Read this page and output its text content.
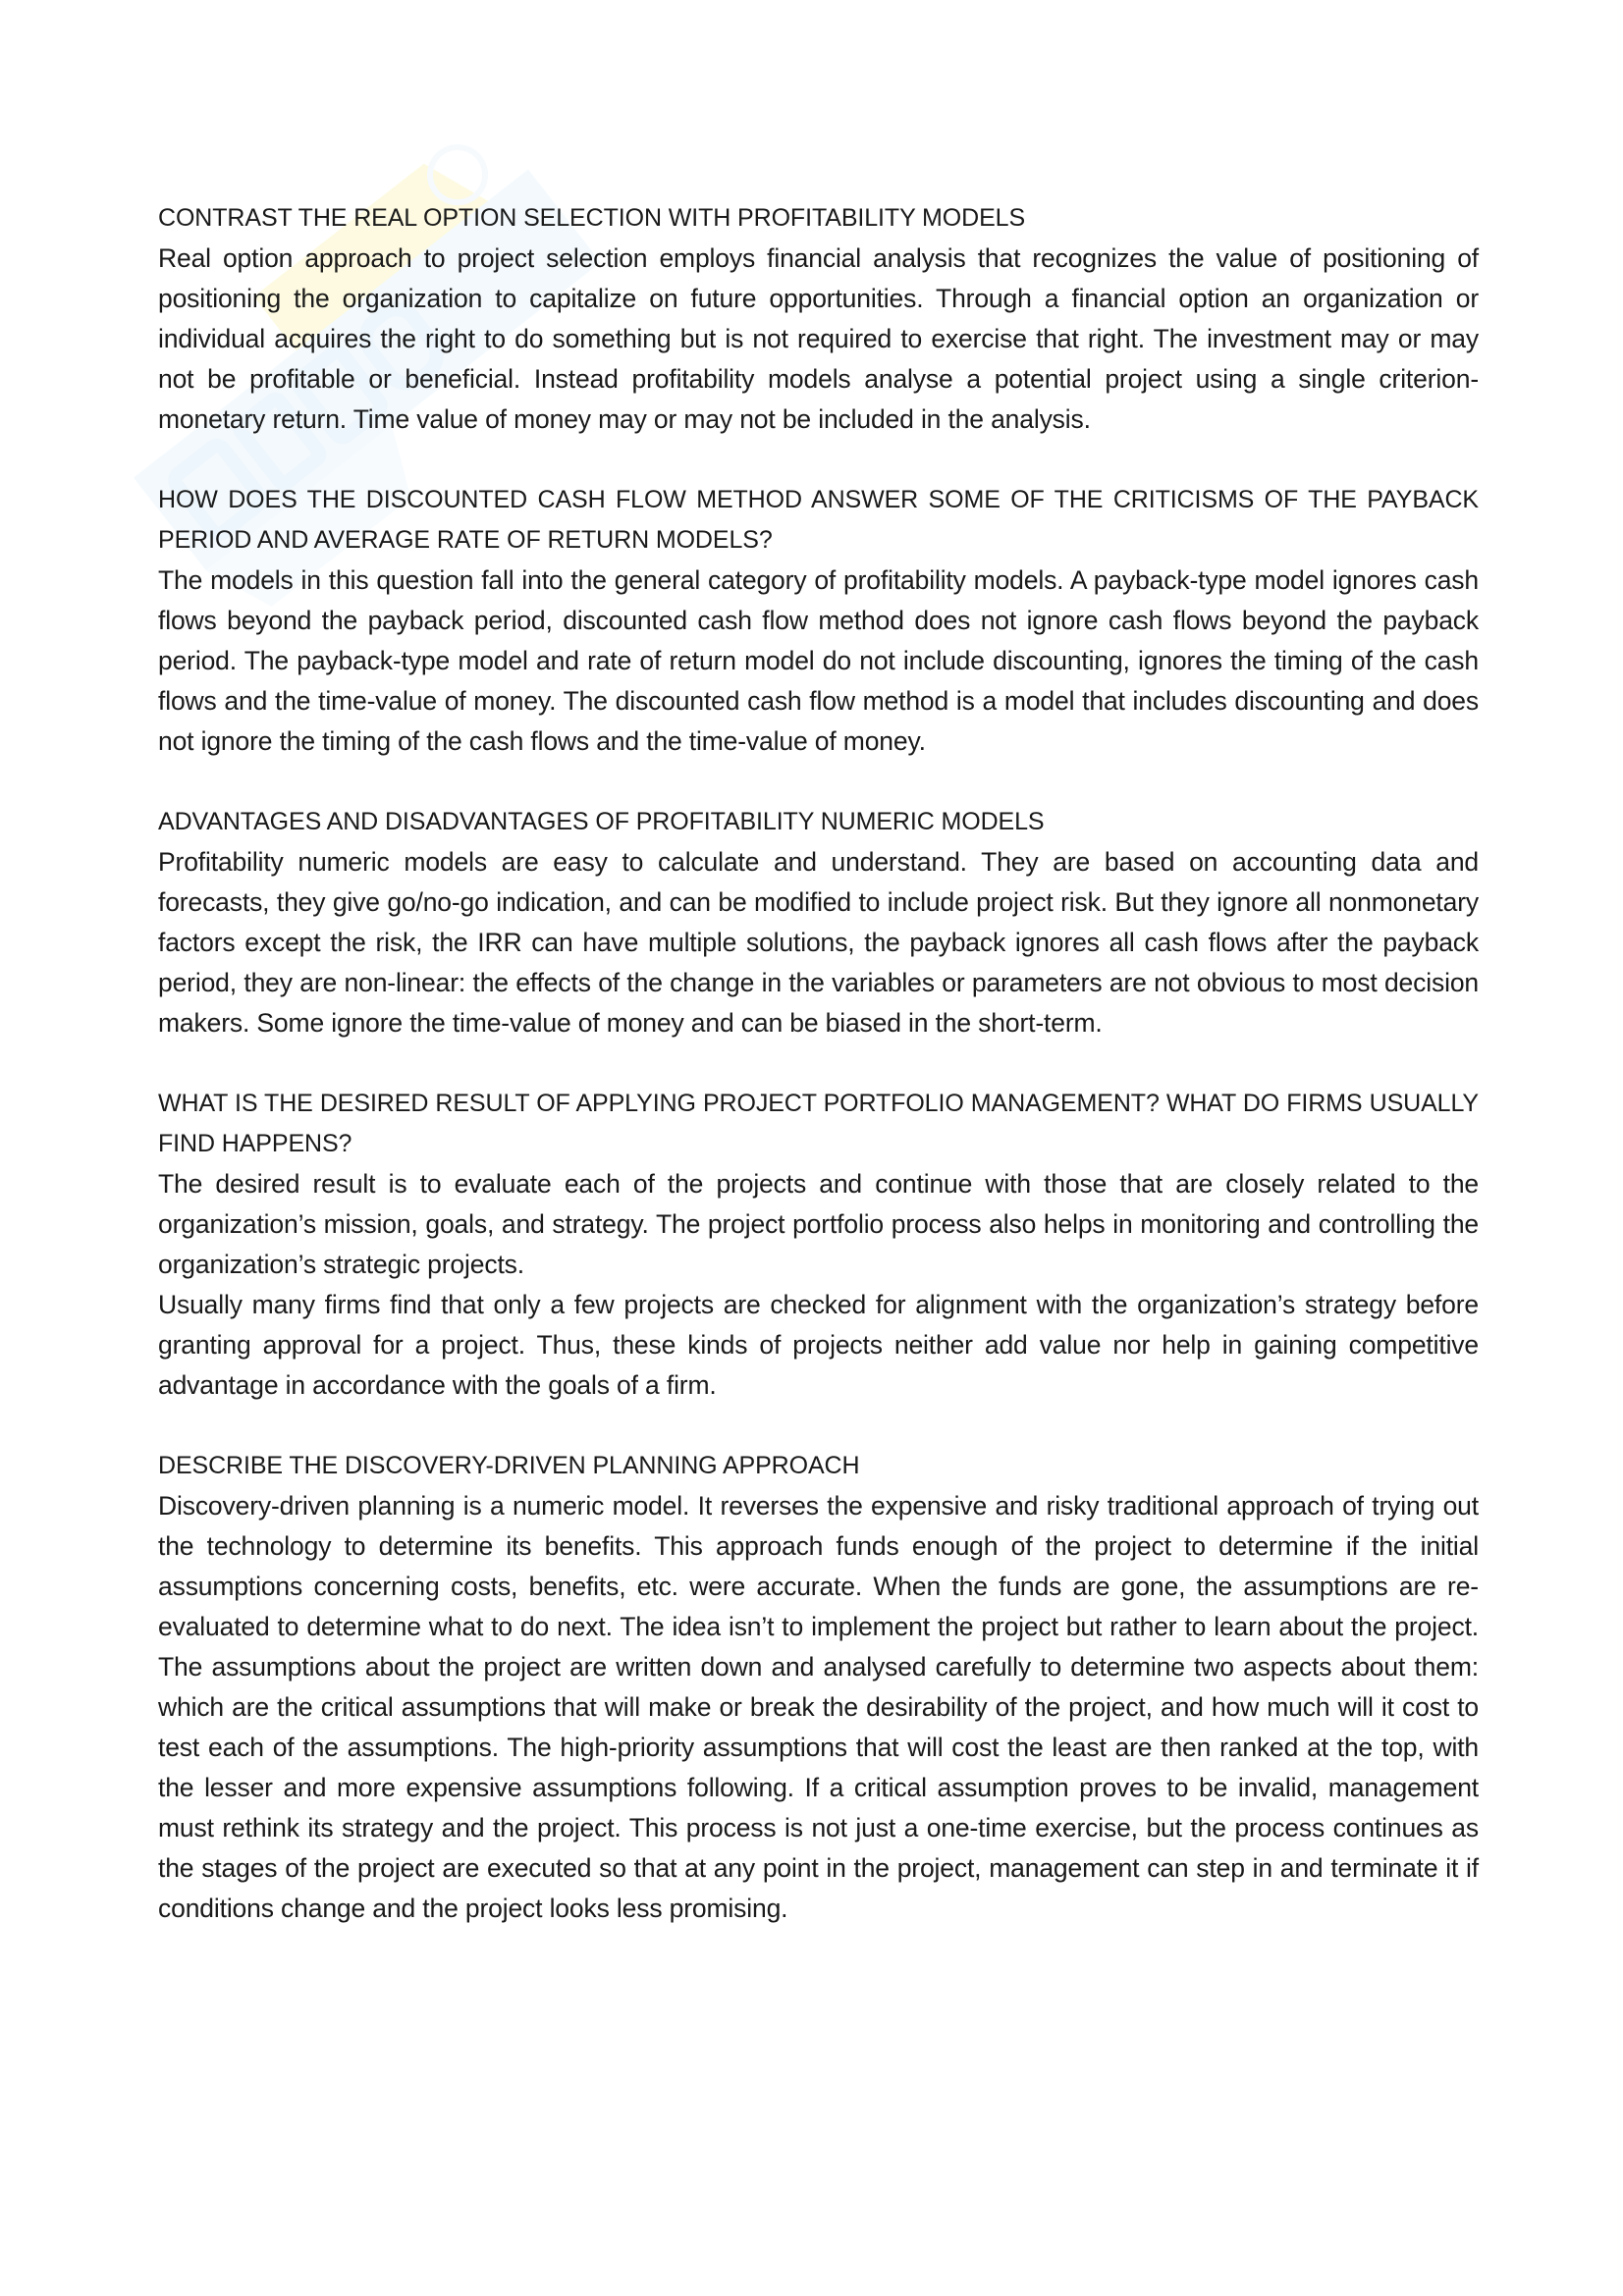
CONTRAST THE REAL OPTION SELECTION WITH PROFITABILITY MODELS

Real option approach to project selection employs financial analysis that recognizes the value of positioning of positioning the organization to capitalize on future opportunities. Through a financial option an organization or individual acquires the right to do something but is not required to exercise that right. The investment may or may not be profitable or beneficial. Instead profitability models analyse a potential project using a single criterion-monetary return. Time value of money may or may not be included in the analysis.

HOW DOES THE DISCOUNTED CASH FLOW METHOD ANSWER SOME OF THE CRITICISMS OF THE PAYBACK PERIOD AND AVERAGE RATE OF RETURN MODELS?

The models in this question fall into the general category of profitability models. A payback-type model ignores cash flows beyond the payback period, discounted cash flow method does not ignore cash flows beyond the payback period. The payback-type model and rate of return model do not include discounting, ignores the timing of the cash flows and the time-value of money. The discounted cash flow method is a model that includes discounting and does not ignore the timing of the cash flows and the time-value of money.

ADVANTAGES AND DISADVANTAGES OF PROFITABILITY NUMERIC MODELS

Profitability numeric models are easy to calculate and understand. They are based on accounting data and forecasts, they give go/no-go indication, and can be modified to include project risk. But they ignore all nonmonetary factors except the risk, the IRR can have multiple solutions, the payback ignores all cash flows after the payback period, they are non-linear: the effects of the change in the variables or parameters are not obvious to most decision makers. Some ignore the time-value of money and can be biased in the short-term.

WHAT IS THE DESIRED RESULT OF APPLYING PROJECT PORTFOLIO MANAGEMENT? WHAT DO FIRMS USUALLY FIND HAPPENS?

The desired result is to evaluate each of the projects and continue with those that are closely related to the organization’s mission, goals, and strategy. The project portfolio process also helps in monitoring and controlling the organization’s strategic projects.

Usually many firms find that only a few projects are checked for alignment with the organization’s strategy before granting approval for a project. Thus, these kinds of projects neither add value nor help in gaining competitive advantage in accordance with the goals of a firm.

DESCRIBE THE DISCOVERY-DRIVEN PLANNING APPROACH

Discovery-driven planning is a numeric model. It reverses the expensive and risky traditional approach of trying out the technology to determine its benefits. This approach funds enough of the project to determine if the initial assumptions concerning costs, benefits, etc. were accurate. When the funds are gone, the assumptions are re-evaluated to determine what to do next. The idea isn’t to implement the project but rather to learn about the project. The assumptions about the project are written down and analysed carefully to determine two aspects about them: which are the critical assumptions that will make or break the desirability of the project, and how much will it cost to test each of the assumptions. The high-priority assumptions that will cost the least are then ranked at the top, with the lesser and more expensive assumptions following. If a critical assumption proves to be invalid, management must rethink its strategy and the project. This process is not just a one-time exercise, but the process continues as the stages of the project are executed so that at any point in the project, management can step in and terminate it if conditions change and the project looks less promising.
